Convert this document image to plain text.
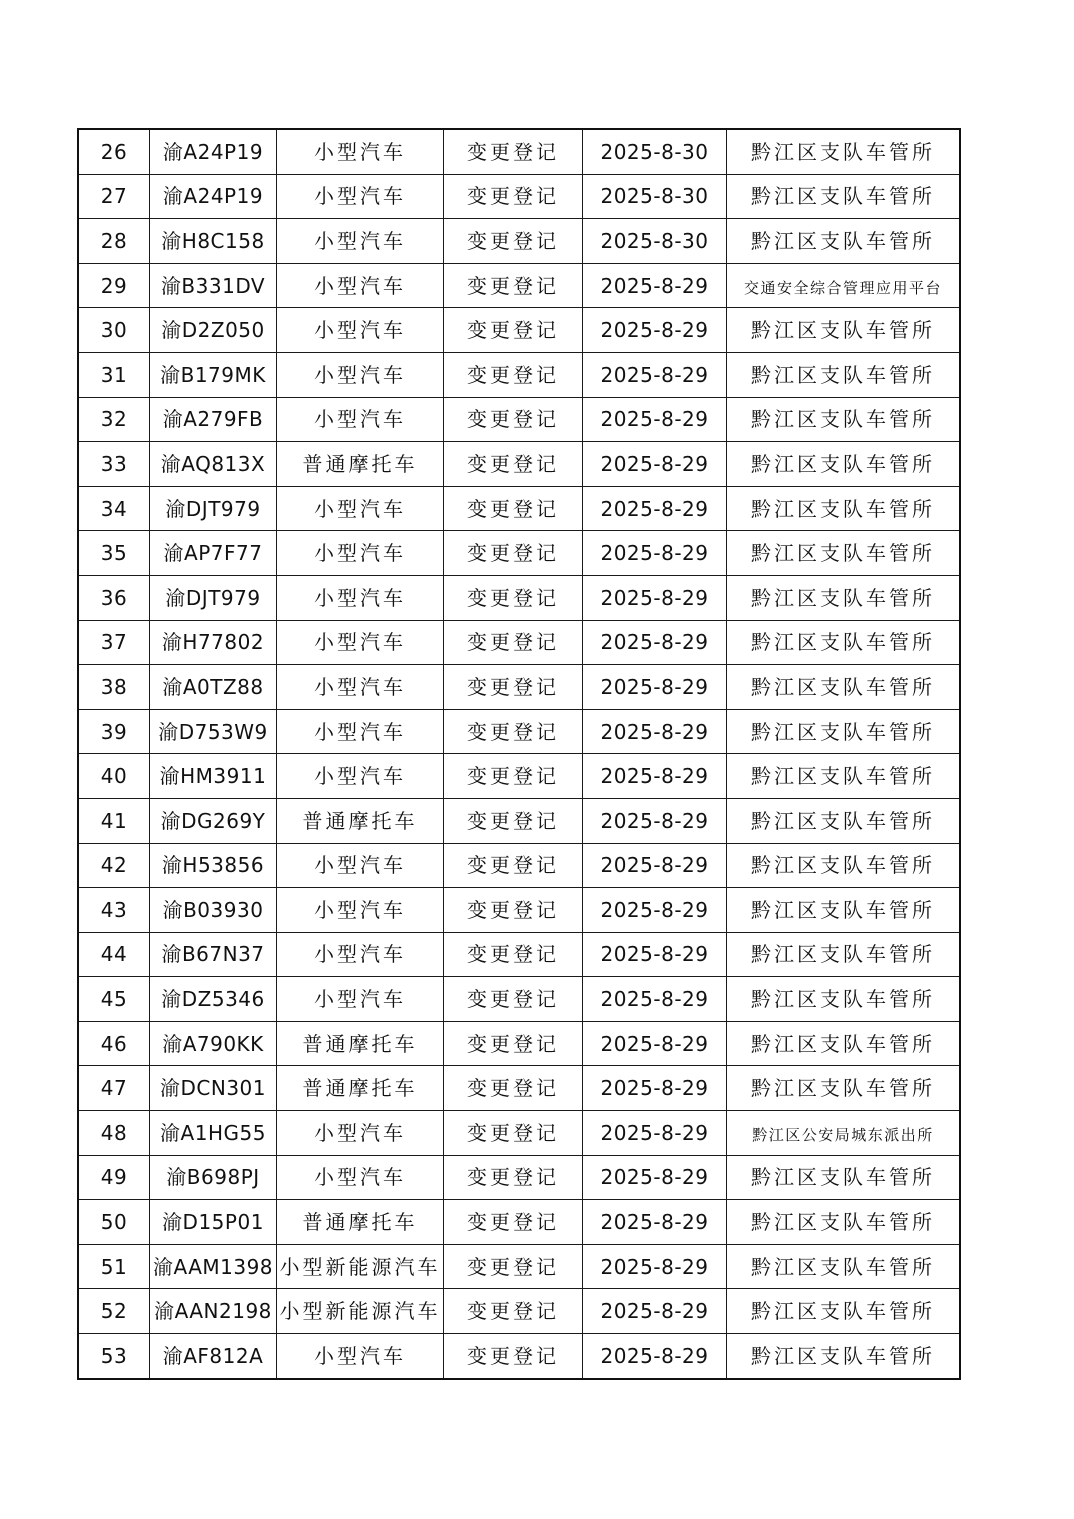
26	渝A24P19	小型汽车	变更登记	2025-8-30	黔江区支队车管所
27	渝A24P19	小型汽车	变更登记	2025-8-30	黔江区支队车管所
28	渝H8C158	小型汽车	变更登记	2025-8-30	黔江区支队车管所
29	渝B331DV	小型汽车	变更登记	2025-8-29	交通安全综合管理应用平台
30	渝D2Z050	小型汽车	变更登记	2025-8-29	黔江区支队车管所
31	渝B179MK	小型汽车	变更登记	2025-8-29	黔江区支队车管所
32	渝A279FB	小型汽车	变更登记	2025-8-29	黔江区支队车管所
33	渝AQ813X	普通摩托车	变更登记	2025-8-29	黔江区支队车管所
34	渝DJT979	小型汽车	变更登记	2025-8-29	黔江区支队车管所
35	渝AP7F77	小型汽车	变更登记	2025-8-29	黔江区支队车管所
36	渝DJT979	小型汽车	变更登记	2025-8-29	黔江区支队车管所
37	渝H77802	小型汽车	变更登记	2025-8-29	黔江区支队车管所
38	渝A0TZ88	小型汽车	变更登记	2025-8-29	黔江区支队车管所
39	渝D753W9	小型汽车	变更登记	2025-8-29	黔江区支队车管所
40	渝HM3911	小型汽车	变更登记	2025-8-29	黔江区支队车管所
41	渝DG269Y	普通摩托车	变更登记	2025-8-29	黔江区支队车管所
42	渝H53856	小型汽车	变更登记	2025-8-29	黔江区支队车管所
43	渝B03930	小型汽车	变更登记	2025-8-29	黔江区支队车管所
44	渝B67N37	小型汽车	变更登记	2025-8-29	黔江区支队车管所
45	渝DZ5346	小型汽车	变更登记	2025-8-29	黔江区支队车管所
46	渝A790KK	普通摩托车	变更登记	2025-8-29	黔江区支队车管所
47	渝DCN301	普通摩托车	变更登记	2025-8-29	黔江区支队车管所
48	渝A1HG55	小型汽车	变更登记	2025-8-29	黔江区公安局城东派出所
49	渝B698PJ	小型汽车	变更登记	2025-8-29	黔江区支队车管所
50	渝D15P01	普通摩托车	变更登记	2025-8-29	黔江区支队车管所
51	渝AAM1398	小型新能源汽车	变更登记	2025-8-29	黔江区支队车管所
52	渝AAN2198	小型新能源汽车	变更登记	2025-8-29	黔江区支队车管所
53	渝AF812A	小型汽车	变更登记	2025-8-29	黔江区支队车管所
